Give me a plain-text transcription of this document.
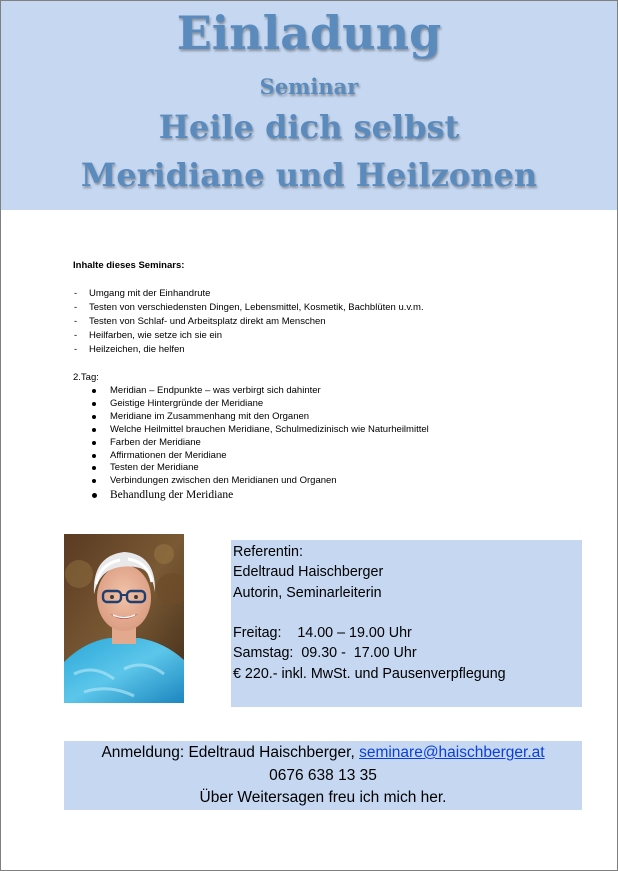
Einladung
Seminar
Heile dich selbst
Meridiane und Heilzonen
Inhalte dieses Seminars:
- Umgang mit der Einhandrute
- Testen von verschiedensten Dingen, Lebensmittel, Kosmetik, Bachblüten u.v.m.
- Testen von Schlaf- und Arbeitsplatz direkt am Menschen
- Heilfarben, wie setze ich sie ein
- Heilzeichen, die helfen
2.Tag:
Meridian – Endpunkte – was verbirgt sich dahinter
Geistige Hintergründe der Meridiane
Meridiane im Zusammenhang mit den Organen
Welche Heilmittel brauchen Meridiane, Schulmedizinisch wie Naturheilmittel
Farben der Meridiane
Affirmationen der Meridiane
Testen der Meridiane
Verbindungen zwischen den Meridianen und Organen
Behandlung der Meridiane
Referentin:
Edeltraud Haischberger
Autorin, Seminarleiterin
Freitag:    14.00 – 19.00 Uhr
Samstag:  09.30 -  17.00 Uhr
€ 220.- inkl. MwSt. und Pausenverpflegung
Anmeldung: Edeltraud Haischberger, seminare@haischberger.at
0676 638 13 35
Über Weitersagen freu ich mich her.
